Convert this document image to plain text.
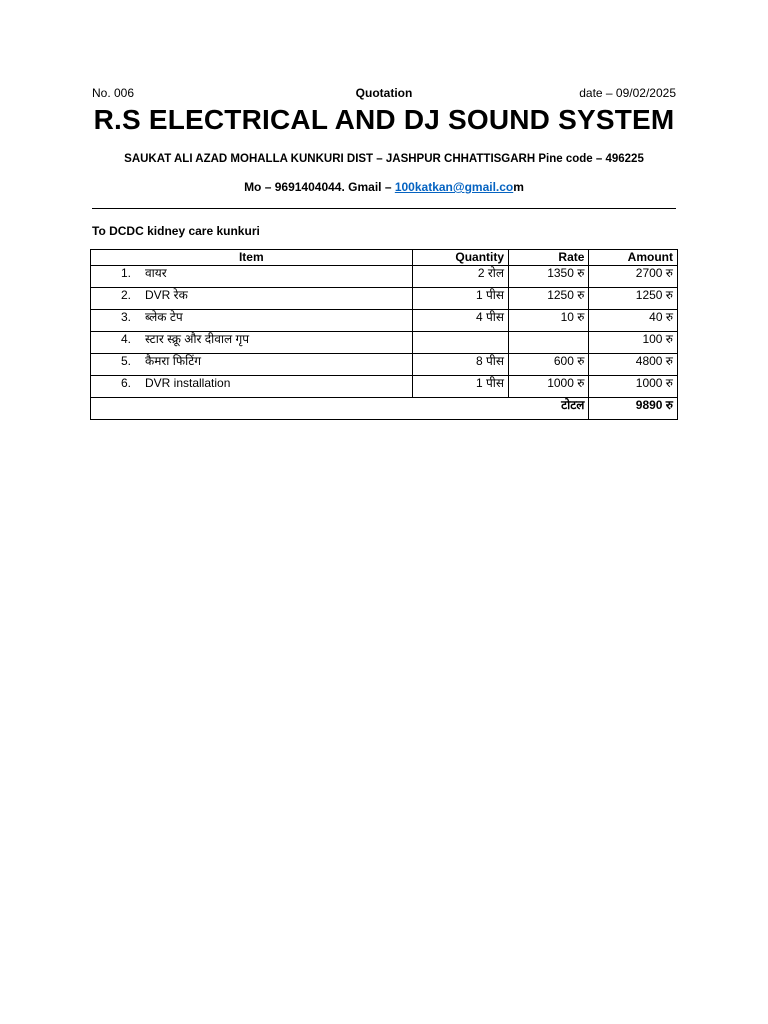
No. 006	Quotation	date – 09/02/2025
R.S ELECTRICAL AND DJ SOUND SYSTEM
SAUKAT ALI AZAD MOHALLA KUNKURI DIST – JASHPUR CHHATTISGARH Pine code – 496225
Mo – 9691404044. Gmail – 100katkan@gmail.com
To DCDC kidney care kunkuri
Item	Quantity	Rate	Amount
1. वायर	2 रोल	1350 रु	2700 रु
2. DVR रेक	1 पीस	1250 रु	1250 रु
3. ब्लेक टेप	4 पीस	10 रु	40 रु
4. स्टार स्क्रू और दीवाल गृप			100 रु
5. कैमरा फिटिंग	8 पीस	600 रु	4800 रु
6. DVR installation	1 पीस	1000 रु	1000 रु
टोटल			9890 रु
